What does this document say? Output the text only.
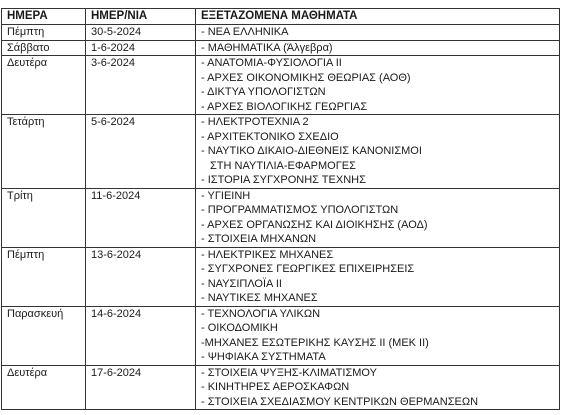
ΗΜΕΡΑ	ΗΜΕΡ/ΝΙΑ	ΕΞΕΤΑΖΟΜΕΝΑ ΜΑΘΗΜΑΤΑ
Πέμπτη	30-5-2024	- ΝΕΑ ΕΛΛΗΝΙΚΑ

Σάββατο	1-6-2024	- ΜΑΘΗΜΑΤΙΚΑ (Άλγεβρα)

Δευτέρα	3-6-2024	- ΑΝΑΤΟΜΙΑ-ΦΥΣΙΟΛΟΓΙΑ ΙΙ
- ΑΡΧΕΣ ΟΙΚΟΝΟΜΙΚΗΣ ΘΕΩΡΙΑΣ (ΑΟΘ)
- ΔΙΚΤΥΑ ΥΠΟΛΟΓΙΣΤΩΝ
- ΑΡΧΕΣ ΒΙΟΛΟΓΙΚΗΣ ΓΕΩΡΓΙΑΣ

Τετάρτη	5-6-2024	- ΗΛΕΚΤΡΟΤΕΧΝΙΑ 2
- ΑΡΧΙΤΕΚΤΟΝΙΚΟ ΣΧΕΔΙΟ
- ΝΑΥΤΙΚΟ ΔΙΚΑΙΟ-ΔΙΕΘΝΕΙΣ ΚΑΝΟΝΙΣΜΟΙ
ΣΤΗ ΝΑΥΤΙΛΙΑ-ΕΦΑΡΜΟΓΕΣ
- ΙΣΤΟΡΙΑ ΣΥΓΧΡΟΝΗΣ ΤΕΧΝΗΣ

Τρίτη	11-6-2024	- ΥΓΙΕΙΝΗ
- ΠΡΟΓΡΑΜΜΑΤΙΣΜΟΣ ΥΠΟΛΟΓΙΣΤΩΝ
- ΑΡΧΕΣ ΟΡΓΑΝΩΣΗΣ ΚΑΙ ΔΙΟΙΚΗΣΗΣ (ΑΟΔ)
- ΣΤΟΙΧΕΙΑ ΜΗΧΑΝΩΝ

Πέμπτη	13-6-2024	- ΗΛΕΚΤΡΙΚΕΣ ΜΗΧΑΝΕΣ
- ΣΥΓΧΡΟΝΕΣ ΓΕΩΡΓΙΚΕΣ ΕΠΙΧΕΙΡΗΣΕΙΣ
- ΝΑΥΣΙΠΛΟΪΑ ΙΙ
- ΝΑΥΤΙΚΕΣ ΜΗΧΑΝΕΣ

Παρασκευή	14-6-2024	- ΤΕΧΝΟΛΟΓΙΑ ΥΛΙΚΩΝ
- ΟΙΚΟΔΟΜΙΚΗ
-ΜΗΧΑΝΕΣ ΕΣΩΤΕΡΙΚΗΣ ΚΑΥΣΗΣ ΙΙ (ΜΕΚ ΙΙ)
- ΨΗΦΙΑΚΑ ΣΥΣΤΗΜΑΤΑ

Δευτέρα	17-6-2024	- ΣΤΟΙΧΕΙΑ ΨΥΞΗΣ-ΚΛΙΜΑΤΙΣΜΟΥ
- ΚΙΝΗΤΗΡΕΣ ΑΕΡΟΣΚΑΦΩΝ
- ΣΤΟΙΧΕΙΑ ΣΧΕΔΙΑΣΜΟΥ ΚΕΝΤΡΙΚΩΝ ΘΕΡΜΑΝΣΕΩΝ
